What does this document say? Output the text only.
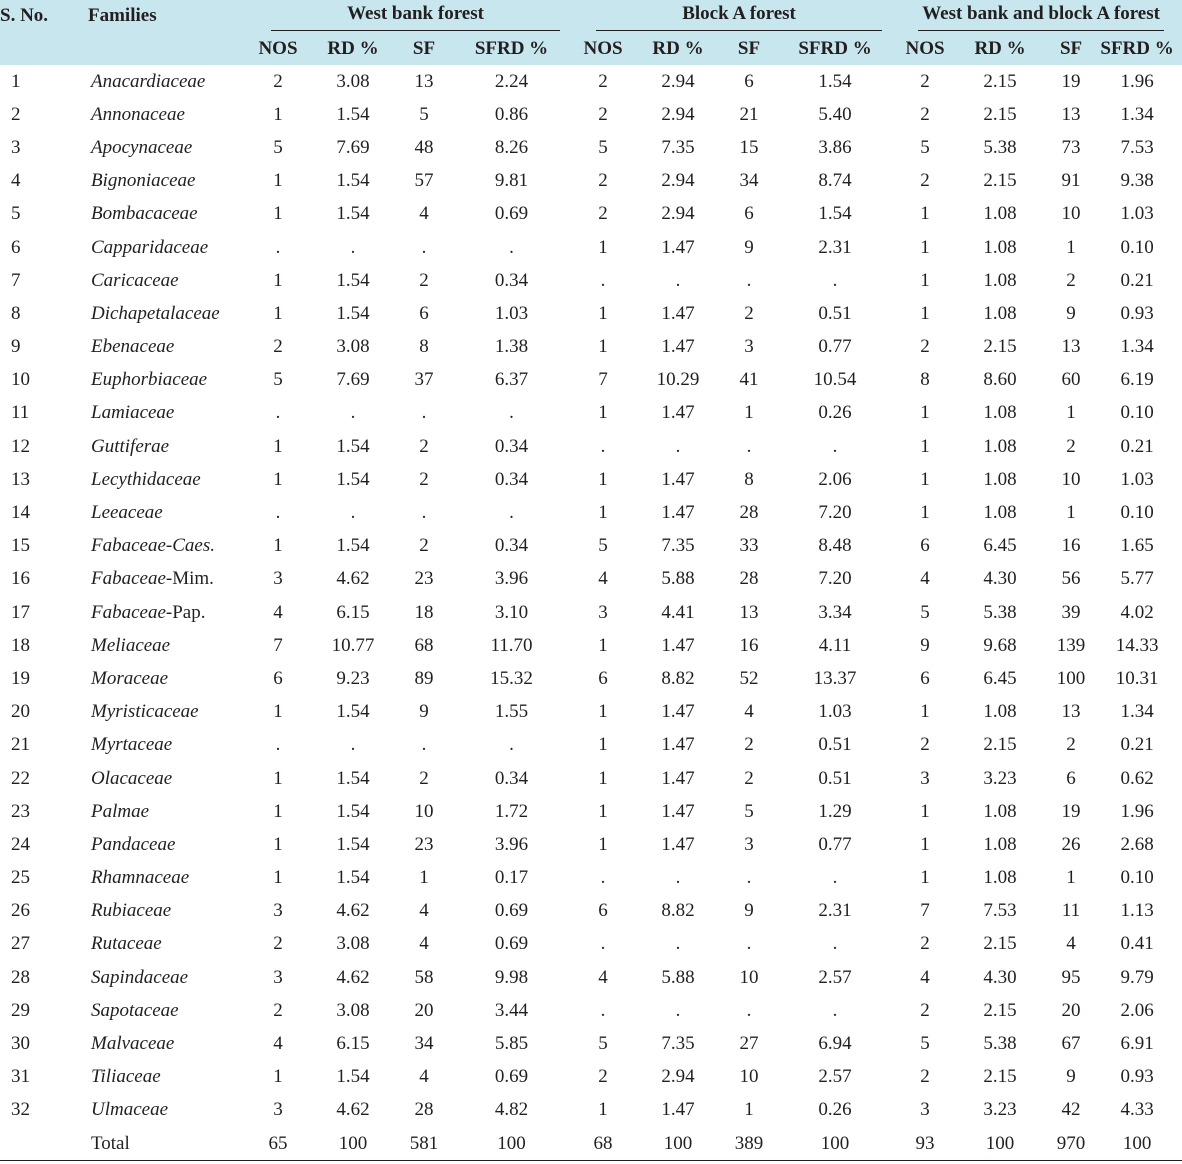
S. No.	Families	West bank forest				Block A forest				West bank and block A forest			

		NOS	RD %	SF	SFRD %	NOS	RD %	SF	SFRD %	NOS	RD %	SF	SFRD %
1	Anacardiaceae	2	3.08	13	2.24	2	2.94	6	1.54	2	2.15	19	1.96
2	Annonaceae	1	1.54	5	0.86	2	2.94	21	5.40	2	2.15	13	1.34
3	Apocynaceae	5	7.69	48	8.26	5	7.35	15	3.86	5	5.38	73	7.53
4	Bignoniaceae	1	1.54	57	9.81	2	2.94	34	8.74	2	2.15	91	9.38
5	Bombacaceae	1	1.54	4	0.69	2	2.94	6	1.54	1	1.08	10	1.03
6	Capparidaceae	.	.	.	.	1	1.47	9	2.31	1	1.08	1	0.10
7	Caricaceae	1	1.54	2	0.34	.	.	.	.	1	1.08	2	0.21
8	Dichapetalaceae	1	1.54	6	1.03	1	1.47	2	0.51	1	1.08	9	0.93
9	Ebenaceae	2	3.08	8	1.38	1	1.47	3	0.77	2	2.15	13	1.34
10	Euphorbiaceae	5	7.69	37	6.37	7	10.29	41	10.54	8	8.60	60	6.19
11	Lamiaceae	.	.	.	.	1	1.47	1	0.26	1	1.08	1	0.10
12	Guttiferae	1	1.54	2	0.34	.	.	.	.	1	1.08	2	0.21
13	Lecythidaceae	1	1.54	2	0.34	1	1.47	8	2.06	1	1.08	10	1.03
14	Leeaceae	.	.	.	.	1	1.47	28	7.20	1	1.08	1	0.10
15	Fabaceae-Caes.	1	1.54	2	0.34	5	7.35	33	8.48	6	6.45	16	1.65
16	Fabaceae-Mim.	3	4.62	23	3.96	4	5.88	28	7.20	4	4.30	56	5.77
17	Fabaceae-Pap.	4	6.15	18	3.10	3	4.41	13	3.34	5	5.38	39	4.02
18	Meliaceae	7	10.77	68	11.70	1	1.47	16	4.11	9	9.68	139	14.33
19	Moraceae	6	9.23	89	15.32	6	8.82	52	13.37	6	6.45	100	10.31
20	Myristicaceae	1	1.54	9	1.55	1	1.47	4	1.03	1	1.08	13	1.34
21	Myrtaceae	.	.	.	.	1	1.47	2	0.51	2	2.15	2	0.21
22	Olacaceae	1	1.54	2	0.34	1	1.47	2	0.51	3	3.23	6	0.62
23	Palmae	1	1.54	10	1.72	1	1.47	5	1.29	1	1.08	19	1.96
24	Pandaceae	1	1.54	23	3.96	1	1.47	3	0.77	1	1.08	26	2.68
25	Rhamnaceae	1	1.54	1	0.17	.	.	.	.	1	1.08	1	0.10
26	Rubiaceae	3	4.62	4	0.69	6	8.82	9	2.31	7	7.53	11	1.13
27	Rutaceae	2	3.08	4	0.69	.	.	.	.	2	2.15	4	0.41
28	Sapindaceae	3	4.62	58	9.98	4	5.88	10	2.57	4	4.30	95	9.79
29	Sapotaceae	2	3.08	20	3.44	.	.	.	.	2	2.15	20	2.06
30	Malvaceae	4	6.15	34	5.85	5	7.35	27	6.94	5	5.38	67	6.91
31	Tiliaceae	1	1.54	4	0.69	2	2.94	10	2.57	2	2.15	9	0.93
32	Ulmaceae	3	4.62	28	4.82	1	1.47	1	0.26	3	3.23	42	4.33
	Total	65	100	581	100	68	100	389	100	93	100	970	100
